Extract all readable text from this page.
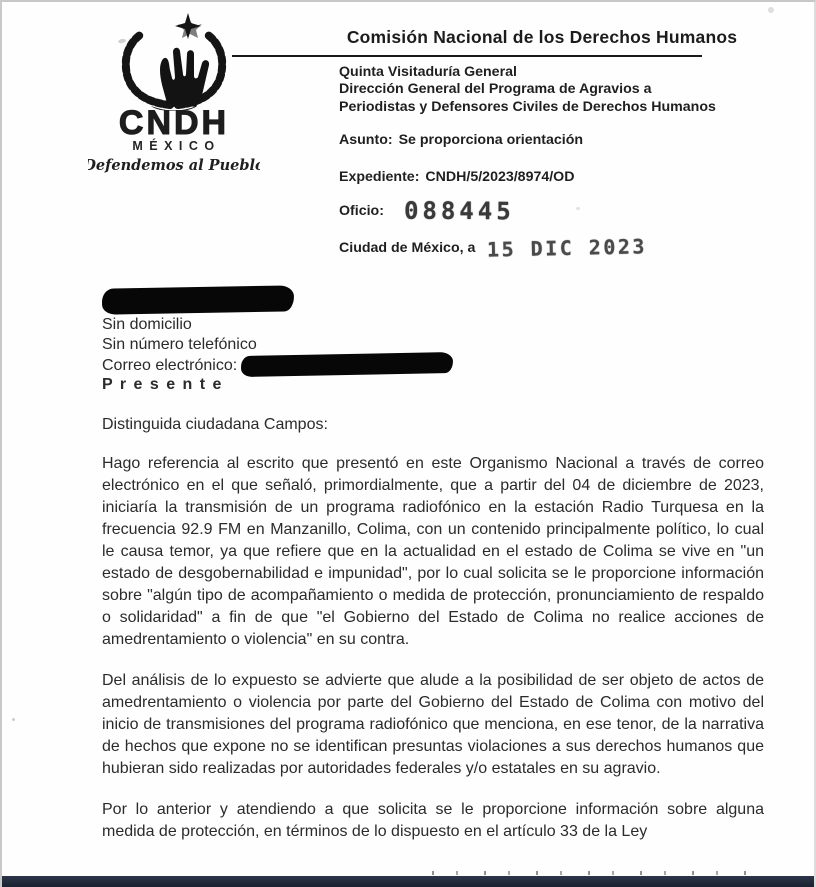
CNDH
M É X I C O
Defendemos al Pueblo
Comisión Nacional de los Derechos Humanos
Quinta Visitaduría General
Dirección General del Programa de Agravios a
Periodistas y Defensores Civiles de Derechos Humanos
Asunto: Se proporciona orientación
Expediente: CNDH/5/2023/8974/OD
Oficio: 088445
Ciudad de México, a 15 DIC 2023
Sin domicilio
Sin número telefónico
Correo electrónico:
P r e s e n t e
Distinguida ciudadana Campos:

Hago referencia al escrito que presentó en este Organismo Nacional a través de correo electrónico en el que señaló, primordialmente, que a partir del 04 de diciembre de 2023, iniciaría la transmisión de un programa radiofónico en la estación Radio Turquesa en la frecuencia 92.9 FM en Manzanillo, Colima, con un contenido principalmente político, lo cual le causa temor, ya que refiere que en la actualidad en el estado de Colima se vive en "un estado de desgobernabilidad e impunidad", por lo cual solicita se le proporcione información sobre "algún tipo de acompañamiento o medida de protección, pronunciamiento de respaldo o solidaridad" a fin de que "el Gobierno del Estado de Colima no realice acciones de amedrentamiento o violencia" en su contra.

Del análisis de lo expuesto se advierte que alude a la posibilidad de ser objeto de actos de amedrentamiento o violencia por parte del Gobierno del Estado de Colima con motivo del inicio de transmisiones del programa radiofónico que menciona, en ese tenor, de la narrativa de hechos que expone no se identifican presuntas violaciones a sus derechos humanos que hubieran sido realizadas por autoridades federales y/o estatales en su agravio.

Por lo anterior y atendiendo a que solicita se le proporcione información sobre alguna medida de protección, en términos de lo dispuesto en el artículo 33 de la Ley
